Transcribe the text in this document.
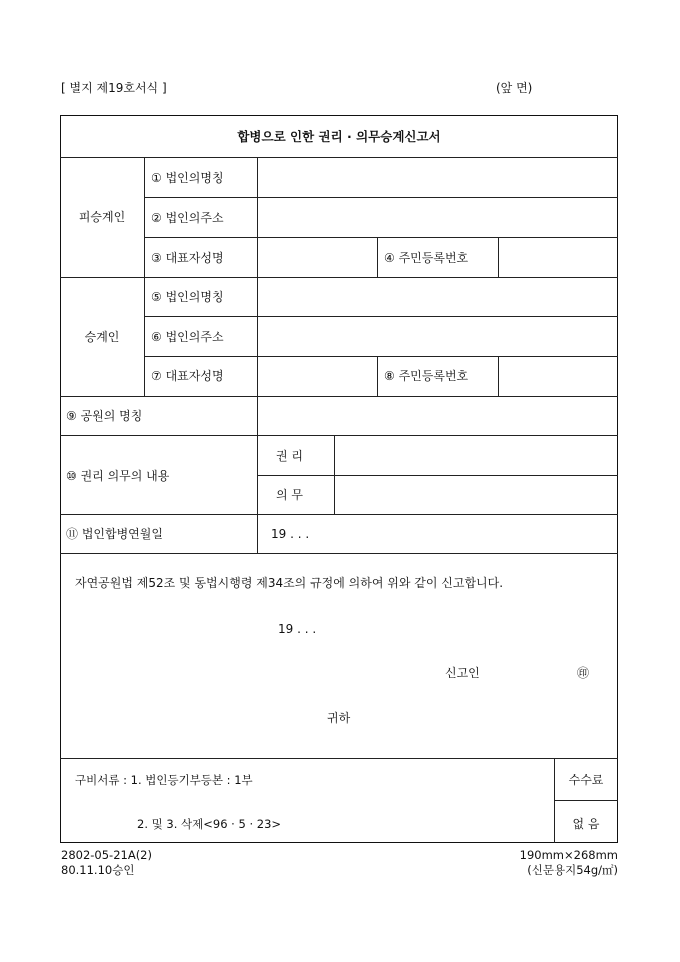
[ 별지 제19호서식 ]	(앞 면)
합병으로 인한 권리 · 의무승계신고서
피승계인
① 법인의명칭
② 법인의주소
③ 대표자성명	④ 주민등록번호
승계인
⑤ 법인의명칭
⑥ 법인의주소
⑦ 대표자성명	⑧ 주민등록번호
⑨ 공원의 명칭
⑩ 권리 의무의 내용
권 리
의 무
⑪ 법인합병연월일	19 . . .
자연공원법 제52조 및 동법시행령 제34조의 규정에 의하여 위와 같이 신고합니다.
19 . . .
신고인	㊞
귀하
구비서류 : 1. 법인등기부등본 : 1부
2. 및 3. 삭제<96 · 5 · 23>
수수료
없 음
2802-05-21A(2)
80.11.10승인
190mm×268mm
(신문용지54g/㎡)
